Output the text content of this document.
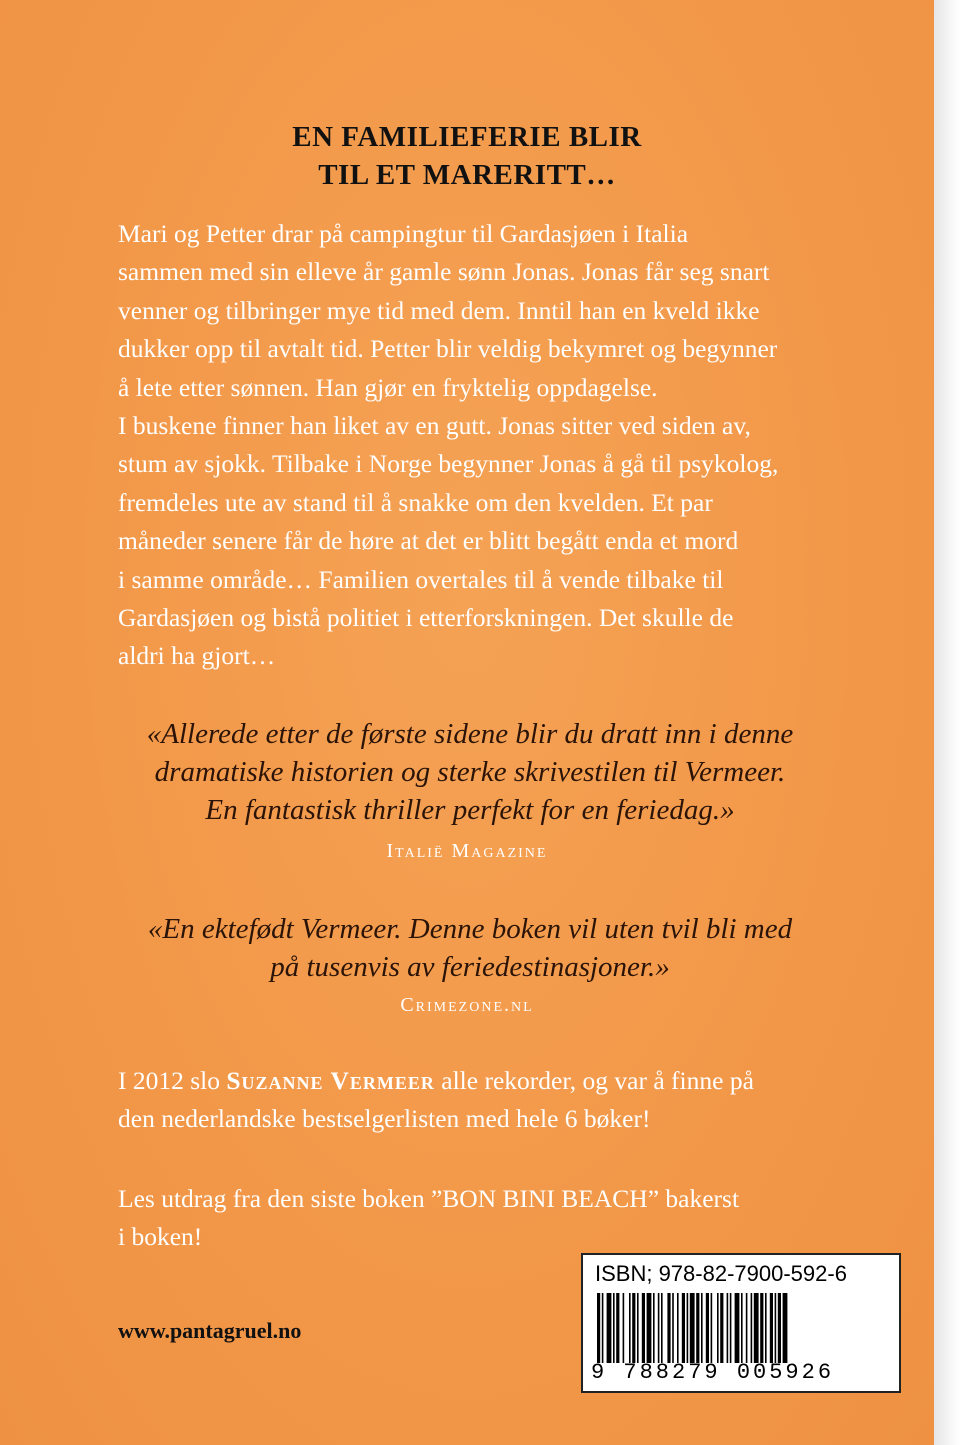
EN FAMILIEFERIE BLIR
TIL ET MARERITT…

Mari og Petter drar på campingtur til Gardasjøen i Italia

sammen med sin elleve år gamle sønn Jonas. Jonas får seg snart

venner og tilbringer mye tid med dem. Inntil han en kveld ikke

dukker opp til avtalt tid. Petter blir veldig bekymret og begynner

å lete etter sønnen. Han gjør en fryktelig oppdagelse.

I buskene finner han liket av en gutt. Jonas sitter ved siden av,

stum av sjokk. Tilbake i Norge begynner Jonas å gå til psykolog,

fremdeles ute av stand til å snakke om den kvelden. Et par

måneder senere får de høre at det er blitt begått enda et mord

i samme område… Familien overtales til å vende tilbake til

Gardasjøen og bistå politiet i etterforskningen. Det skulle de

aldri ha gjort…

«Allerede etter de første sidene blir du dratt inn i denne
dramatiske historien og sterke skrivestilen til Vermeer.
En fantastisk thriller perfekt for en feriedag.»
Italië Magazine
«En ektefødt Vermeer. Denne boken vil uten tvil bli med
på tusenvis av feriedestinasjoner.»
Crimezone.nl
I 2012 slo Suzanne Vermeer alle rekorder, og var å finne på
den nederlandske bestselgerlisten med hele 6 bøker!
Les utdrag fra den siste boken ”BON BINI BEACH” bakerst
i boken!
www.pantagruel.no
ISBN; 978-82-7900-592-6
9 788279 005926
